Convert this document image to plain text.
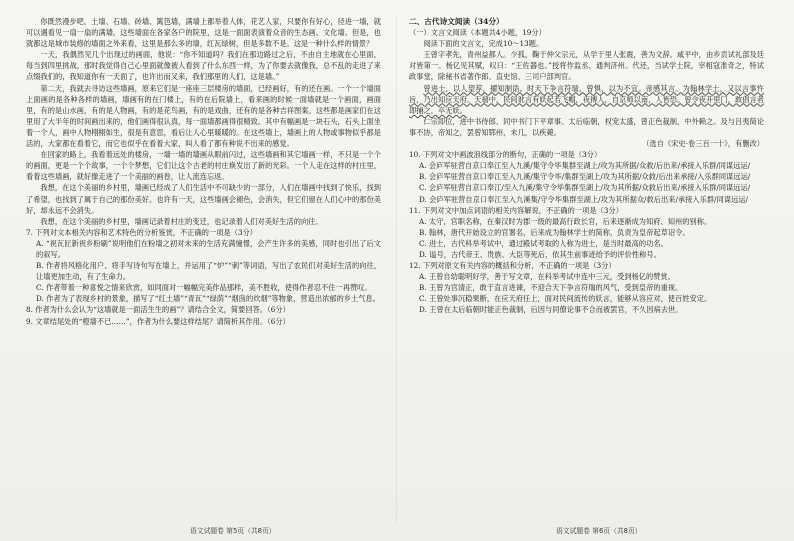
你既然漫步吧，土墙、石墙、砖墙、篱笆墙，满墙上都举着人体，花艺人家，只要你有好心，径进一墙，就可以遇看见一扇一扇的满墙，这些墙面在各家各户的院里，这是一面面表演着众音的生态画、文化墙。但是，也就都这是城市装修的墙面之外来看，这里是那么多的墙，红瓦绿树，但是多数不是。这是一种什么样的情景？

一天，我偶然见几个出现过的画面，他说：“你不知道吗？我们在那边路过之后，不由自主地就在心里面，每当到四里挑战，那时我觉得自己心里面就像被人看到了什么东西一样，为了你要去就像我，总不乱的走进了来点缀我们的，我知道你有一天面了，也许出而又来，我们那里的人们，这是墙。”

第二天，我就去寻访这些墙画，原来它们是一座座三层楼房的墙面，已经画好，有的还在画。一个一个墙面上面画的是各种各样的墙画，墙画有的在门楼上，有的在后院墙上，看来画的时候一面墙就是一个画面，画面里，有的是山水画，有的是人物画，有的是花鸟画，有的是戏曲，还有的是各种吉祥图案。这些都是画家们在这里用了大半年的时间画出来的，他们画得很认真，每一面墙都画得很精致。其中有幅画是一块石头，石头上面坐着一个人，画中人物栩栩如生，很是有意思，看后让人心里暖暖的。在这些墙上，墙画上的人物或事物似乎都是活的，大家都在看着它，而它也似乎在看着大家，叫人看了都有种说不出来的感觉。

在回家的路上，我看着远处的楼房，一墙一墙的墙画从眼前闪过，这些墙画和其它墙画一样，不只是一个个的画面，更是一个个故事，一个个梦想，它们让这个古老的村庄焕发出了新的光彩。一个人走在这样的村庄里，看着这些墙画，就好像走进了一个美丽的画卷，让人流连忘返。

我想，在这个美丽的乡村里，墙画已经成了人们生活中不可缺少的一部分，人们在墙画中找到了快乐，找到了希望，也找到了属于自己的那份美好。也许有一天，这些墙画会褪色，会消失，但它们留在人们心中的那份美好，却永远不会消失。

我想，在这个美丽的乡村里，墙画记录着村庄的变迁，也记录着人们对美好生活的向往。

7. 下列对文本相关内容和艺术特色的分析鉴赏，不正确的一项是（3分）

A. “祝瓦匠新祝乡粉刷”说明他们在粉墙之初对未来的生活充满憧憬，会产生许多的美感，同时也引出了后文的叙写。

B. 作者将风格化用户、将手写诗句写在墙上，并运用了“炉”“刺”等词语，写出了农民们对美好生活的向往，让墙更加生动，有了生命力。

C. 作者带着一种喜悦之情来欣赏，如同面对一幅幅完美作品那样，美不胜收，使得作者忍不住一再赞叹。

D. 作者为了表现乡村的景象，描写了“红土墙”“青瓦”“绿荫”“烟囱的炊烟”等物象，营造出浓郁的乡土气息。

8. 作者为什么会认为“这墙就是一面活生生的画”？请结合全文，简要回答。（6分）

9. 文章结尾处的“橙墙不已……”，作者为什么要这样结尾？请简析其作用。（6分）

二、古代诗文阅读（34分）

（一）文言文阅读（本题共4小题，19分）

阅读下面的文言文，完成10～13题。

王曾字孝先，青州益都人。少孤，鞠于仲父宗元，从学于里人张震，善为文辞。咸平中，由乡贡试礼部及廷对皆第一。杨亿见其赋，叹曰：“王佐器也。”授将作监丞、通判济州。代还，当试学士院，宰相寇准奇之，特试政事堂，除秘书省著作郎、直史馆、三司户部判官。

曾进士，以人望荐，擢知制诰。时天下争言符瑞，曾惧，以为不宜。帝感其言。为翰林学士，又以言事忤旨，乃出知应天府。天禧中，民间讹言有妖起若飞帽，夜搏人，自京师以南，人皆恐。曾令夜开里门，敢倡言者即捕之，卒无妖。

仁宗即位，进中书侍郎、同中书门下平章事。太后临朝，权宠太盛，曾正色裁制，中外赖之。及与吕夷简论事不协，帝知之，罢曾知郓州，未几，以疾薨。

（选自《宋史·卷三百一十》，有删改）

10. 下列对文中画波浪线部分的断句，正确的一项是（3分）

A. 会庐军驻营自京口奉江至入九溪/集守令毕集群至湖上/攻为其所据/众救/后出来/承接入乐群/同谋远运/

B. 会庐军驻营自京口奉江至入九溪/集守令毕/集群至湖上/攻为其所据/众救/后出来承接/入乐群同谋远运/

C. 会庐军驻营自京口奉江/至入九溪/集守令毕集群至湖上/攻为其所据/众救后出来/承接入乐群/同谋远运/

D. 会庐军驻营自京口奉江至入九溪集/守令毕集群至湖上/攻为其所据众/救后出来/承接入乐群/同谋远运/

11. 下列对文中加点词语的相关内容解说，不正确的一项是（3分）

A. 太守，官职名称，在秦汉时为郡一级的最高行政长官，后来逐渐成为知府、知州的别称。

B. 翰林，唐代开始设立的官署名，后来成为翰林学士的简称，负责为皇帝起草诏令。

C. 进士，古代科举考试中，通过殿试考取的人称为进士，是当时最高的功名。

D. 谥号，古代帝王、贵族、大臣等死后，依其生前事迹给予的评价性称号。

12. 下列对原文有关内容的概括和分析，不正确的一项是（3分）

A. 王曾自幼聪明好学，善于写文章，在科举考试中连中三元，受到杨亿的赞赏。

B. 王曾为官清正，敢于直言进谏，不迎合天下争言符瑞的风气，受到皇帝的重视。

C. 王曾处事沉稳果断，在应天府任上，面对民间流传的妖言，能够从容应对，使百姓安定。

D. 王曾在太后临朝时能正色裁制，后因与同僚论事不合而被罢官，不久因病去世。

语文试题卷 第5页（共8页）	语文试题卷 第6页（共8页）
